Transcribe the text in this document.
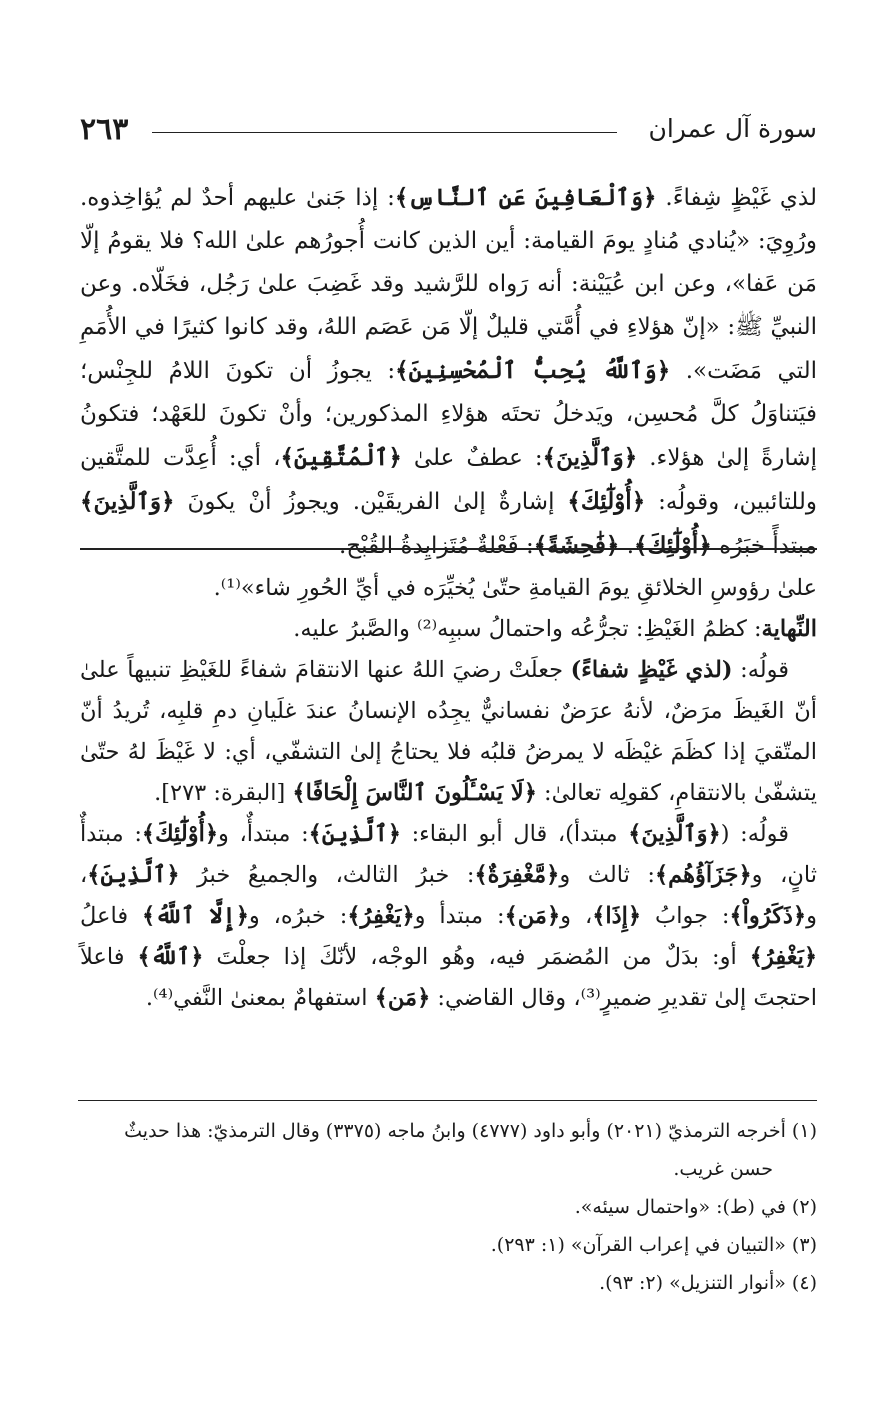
٢٦٣	سورة آل عمران

لذي غَيْظٍ شِفاءً. ﴿وَٱلْعَافِينَ عَنِ ٱلنَّاسِ﴾: إذا جَنىٰ عليهم أحدٌ لم يُؤاخِذوه. ورُوِيَ: «يُنادي مُنادٍ يومَ القيامة: أين الذين كانت أُجورُهم علىٰ الله؟ فلا يقومُ إلّا مَن عَفا»، وعن ابن عُيَيْنة: أنه رَواه للرَّشيد وقد غَضِبَ علىٰ رَجُل، فخَلّاه. وعن النبيِّ ﷺ: «إنّ هؤلاءِ في أُمَّتي قليلٌ إلّا مَن عَصَم اللهُ، وقد كانوا كثيرًا في الأُمَمِ التي مَضَت». ﴿وَٱللَّهُ يُحِبُّ ٱلْمُحْسِنِينَ﴾: يجوزُ أن تكونَ اللامُ للجِنْس؛ فيَتناوَلُ كلَّ مُحسِن، ويَدخلُ تحتَه هؤلاءِ المذكورين؛ وأنْ تكونَ للعَهْد؛ فتكونُ إشارةً إلىٰ هؤلاء. ﴿وَٱلَّذِينَ﴾: عطفٌ علىٰ ﴿ٱلْمُتَّقِينَ﴾، أي: أُعِدَّت للمتَّقين وللتائبين، وقولُه: ﴿أُوْلَٰٓئِكَ﴾ إشارةٌ إلىٰ الفريقَيْن. ويجوزُ أنْ يكونَ ﴿وَٱلَّذِينَ﴾ مبتدأً خبَرُه ﴿أُوْلَٰٓئِكَ﴾. ﴿فَٰحِشَةً﴾: فَعْلةٌ مُتَزايِدةُ القُبْح.

علىٰ رؤوسِ الخلائقِ يومَ القيامةِ حتّىٰ يُخيِّرَه في أيِّ الحُورِ شاء»⁽¹⁾.

النِّهاية: كظمُ الغَيْظِ: تجرُّعُه واحتمالُ سببِه⁽²⁾ والصَّبرُ عليه.

قولُه: (لذي غَيْظٍ شفاءً) جعلَتْ رضيَ اللهُ عنها الانتقامَ شفاءً للغَيْظِ تنبيهاً علىٰ أنّ الغَيظَ مرَضٌ، لأنهُ عرَضٌ نفسانيٌّ يجِدُه الإنسانُ عندَ غلَيانِ دمِ قلبِه، تُريدُ أنّ المتّقيَ إذا كظَمَ غيْظَه لا يمرضُ قلبُه فلا يحتاجُ إلىٰ التشفّي، أي: لا غَيْظَ لهُ حتّىٰ يتشفّىٰ بالانتقامِ، كقولِه تعالىٰ: ﴿لَا يَسْـَٔلُونَ ٱلنَّاسَ إِلْحَافًا﴾ [البقرة: ٢٧٣].

قولُه: (﴿وَٱلَّذِينَ﴾ مبتدأ)، قال أبو البقاء: ﴿ٱلَّذِينَ﴾: مبتدأٌ، و﴿أُوْلَٰٓئِكَ﴾: مبتدأٌ ثانٍ، و﴿جَزَآؤُهُم﴾: ثالث و﴿مَّغْفِرَةٌ﴾: خبرُ الثالث، والجميعُ خبرُ ﴿ٱلَّذِينَ﴾، و﴿ذَكَرُواْ﴾: جوابُ ﴿إِذَا﴾، و﴿مَن﴾: مبتدأ و﴿يَغْفِرُ﴾: خبرُه، و﴿إِلَّا ٱللَّهُ﴾ فاعلُ ﴿يَغْفِرُ﴾ أو: بدَلٌ من المُضمَر فيه، وهُو الوجْه، لأنّكَ إذا جعلْتَ ﴿ٱللَّهُ﴾ فاعلاً احتجتَ إلىٰ تقديرِ ضميرٍ⁽³⁾، وقال القاضي: ﴿مَن﴾ استفهامٌ بمعنىٰ النَّفي⁽⁴⁾.

(١) أخرجه الترمذيّ (٢٠٢١) وأبو داود (٤٧٧٧) وابنُ ماجه (٣٣٧٥) وقال الترمذيّ: هذا حديثٌ

حسن غريب.

(٢) في (ط): «واحتمال سيئه».

(٣) «التبيان في إعراب القرآن» (١: ٢٩٣).

(٤) «أنوار التنزيل» (٢: ٩٣).
